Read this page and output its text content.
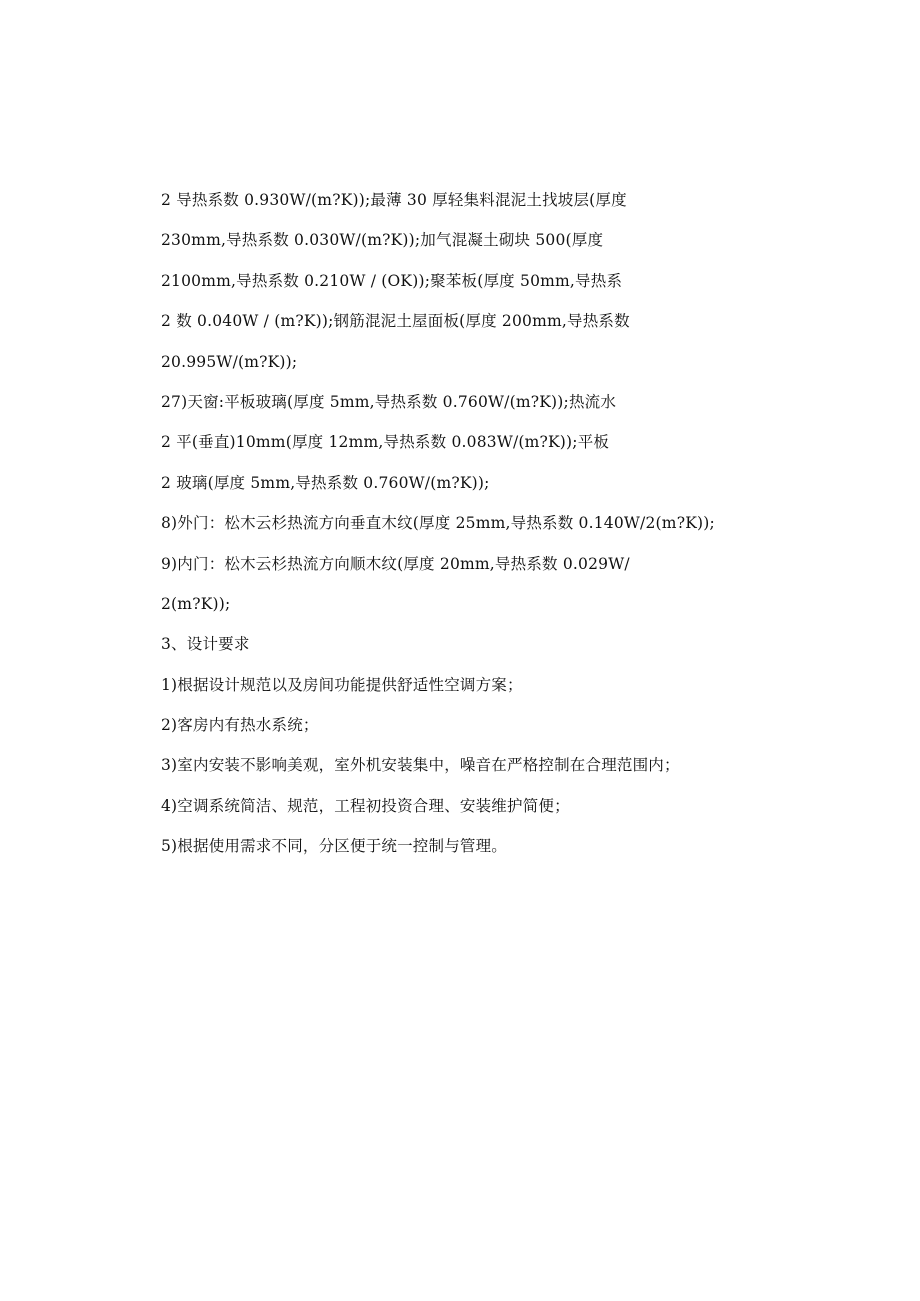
2 导热系数 0.930W/(m?K));最薄 30 厚轻集料混泥土找坡层(厚度
230mm,导热系数 0.030W/(m?K));加气混凝土砌块 500(厚度
2100mm,导热系数 0.210W / (OK));聚苯板(厚度 50mm,导热系
2 数 0.040W / (m?K));钢筋混泥土屋面板(厚度 200mm,导热系数
20.995W/(m?K));
27)天窗:平板玻璃(厚度 5mm,导热系数 0.760W/(m?K));热流水
2 平(垂直)10mm(厚度 12mm,导热系数 0.083W/(m?K));平板
2 玻璃(厚度 5mm,导热系数 0.760W/(m?K));
8)外门：松木云杉热流方向垂直木纹(厚度 25mm,导热系数 0.140W/2(m?K));
9)内门：松木云杉热流方向顺木纹(厚度 20mm,导热系数 0.029W/
2(m?K));
3、设计要求
1)根据设计规范以及房间功能提供舒适性空调方案；
2)客房内有热水系统；
3)室内安装不影响美观，室外机安装集中，噪音在严格控制在合理范围内；
4)空调系统简洁、规范，工程初投资合理、安装维护简便；
5)根据使用需求不同，分区便于统一控制与管理。
